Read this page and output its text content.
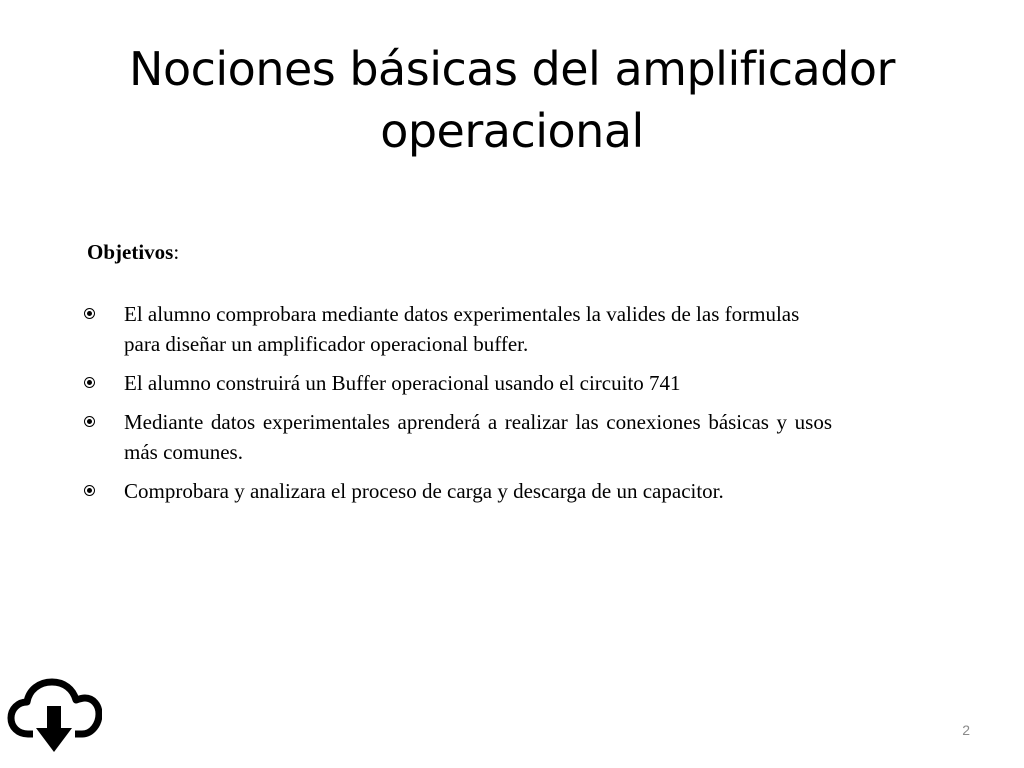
Nociones básicas del amplificador
operacional
Objetivos:
El alumno comprobara mediante datos experimentales la valides de las formulas para diseñar un amplificador operacional buffer.
El alumno construirá un Buffer operacional usando el circuito 741
Mediante datos experimentales aprenderá a realizar las conexiones básicas y usos más comunes.
Comprobara y analizara el proceso de carga y descarga de un capacitor.
2
